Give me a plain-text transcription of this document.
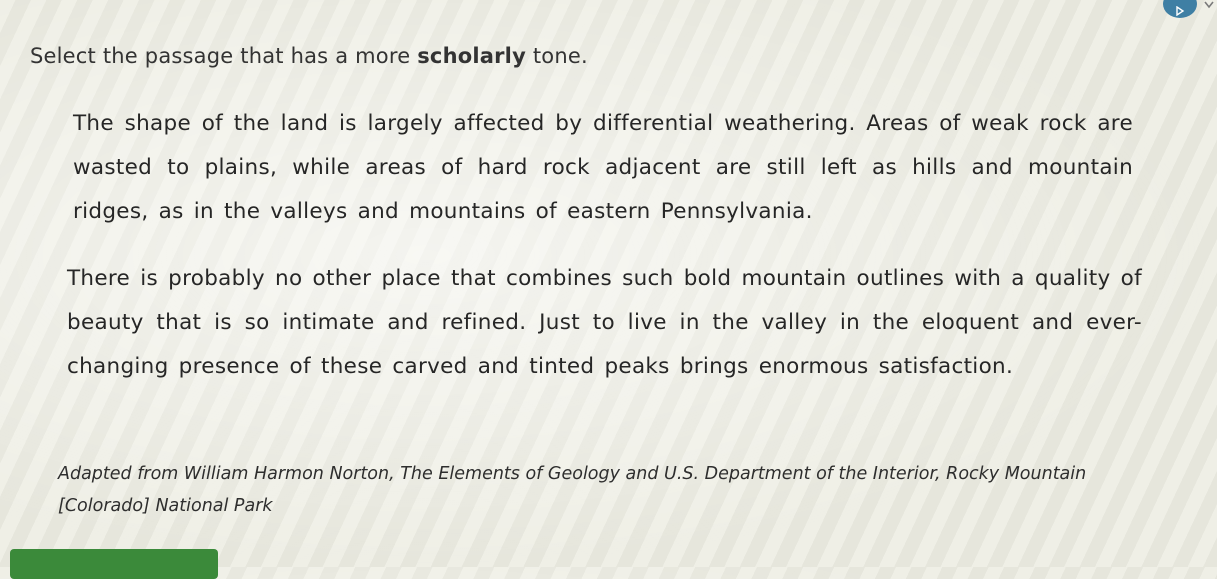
Select the passage that has a more scholarly tone.
The shape of the land is largely affected by differential weathering. Areas of weak rock are wasted to plains, while areas of hard rock adjacent are still left as hills and mountain ridges, as in the valleys and mountains of eastern Pennsylvania.
There is probably no other place that combines such bold mountain outlines with a quality of beauty that is so intimate and refined. Just to live in the valley in the eloquent and ever-changing presence of these carved and tinted peaks brings enormous satisfaction.
Adapted from William Harmon Norton, The Elements of Geology and U.S. Department of the Interior, Rocky Mountain [Colorado] National Park
